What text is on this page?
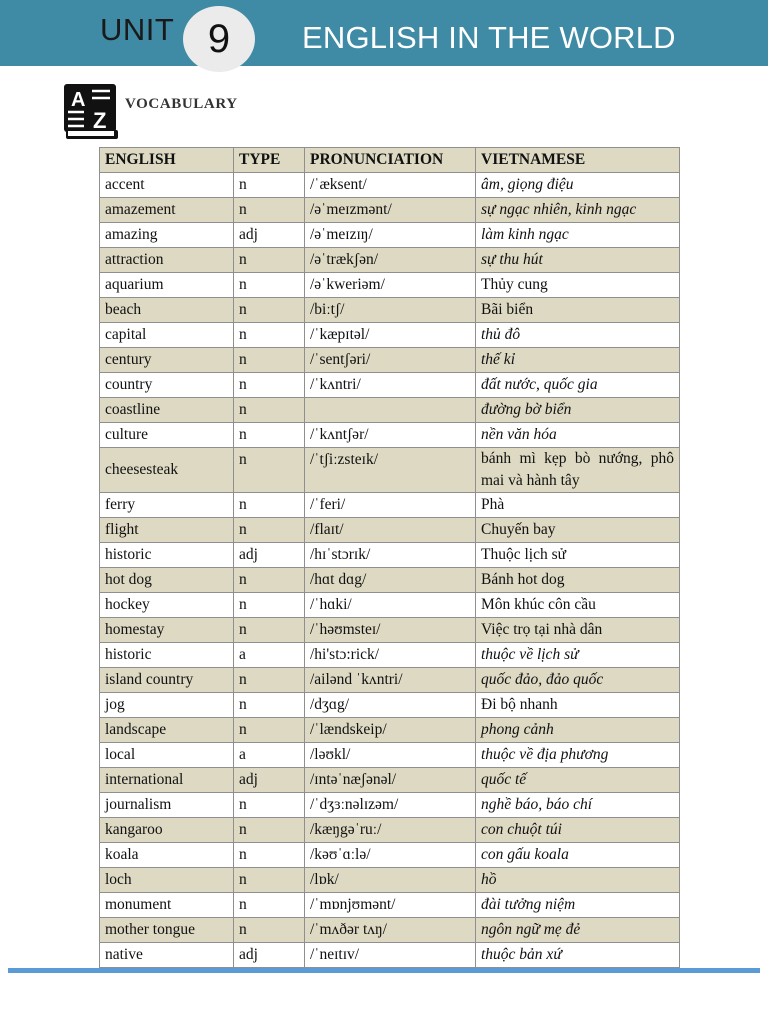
UNIT 9	ENGLISH IN THE WORLD
A
Z
VOCABULARY
ENGLISH	TYPE	PRONUNCIATION	VIETNAMESE
accent	n	/ˈæksent/	âm, giọng điệu
amazement	n	/əˈmeɪzmənt/	sự ngạc nhiên, kinh ngạc
amazing	adj	/əˈmeɪzɪŋ/	làm kinh ngạc
attraction	n	/əˈtrækʃən/	sự thu hút
aquarium	n	/əˈkweriəm/	Thủy cung
beach	n	/biːtʃ/	Bãi biển
capital	n	/ˈkæpɪtəl/	thủ đô
century	n	/ˈsentʃəri/	thế kỉ
country	n	/ˈkʌntri/	đất nước, quốc gia
coastline	n		đường bờ biển
culture	n	/ˈkʌntʃər/	nền văn hóa
cheesesteak	n	/ˈtʃiːzsteɪk/	bánh mì kẹp bò nướng, phô mai và hành tây
ferry	n	/ˈferi/	Phà
flight	n	/flaɪt/	Chuyến bay
historic	adj	/hɪˈstɔrɪk/	Thuộc lịch sử
hot dog	n	/hɑt dɑg/	Bánh hot dog
hockey	n	/ˈhɑki/	Môn khúc côn cầu
homestay	n	/ˈhəʊmsteɪ/	Việc trọ tại nhà dân
historic	a	/hi'stɔ:rick/	thuộc về lịch sử
island country	n	/ailənd ˈkʌntri/	quốc đảo, đảo quốc
jog	n	/dʒɑg/	Đi bộ nhanh
landscape	n	/ˈlændskeip/	phong cảnh
local	a	/ləʊkl/	thuộc về địa phương
international	adj	/ɪntəˈnæʃənəl/	quốc tế
journalism	n	/ˈdʒɜːnəlɪzəm/	nghề báo, báo chí
kangaroo	n	/kæŋgəˈruː/	con chuột túi
koala	n	/kəʊˈɑːlə/	con gấu koala
loch	n	/lɒk/	hồ
monument	n	/ˈmɒnjʊmənt/	đài tưởng niệm
mother tongue	n	/ˈmʌðər tʌŋ/	ngôn ngữ mẹ đẻ
native	adj	/ˈneɪtɪv/	thuộc bản xứ
